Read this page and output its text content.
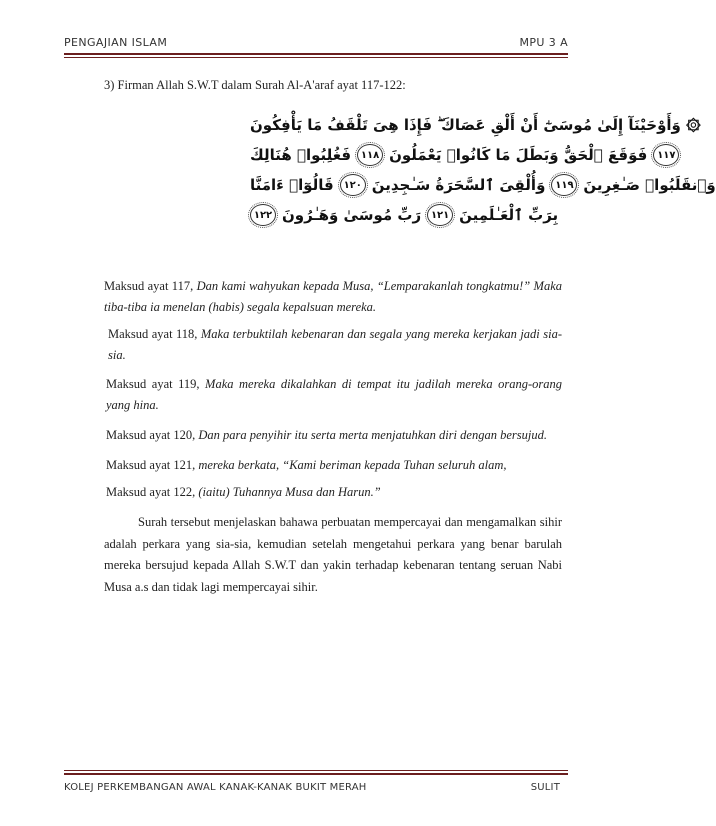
PENGAJIAN ISLAM	MPU 3 A
3) Firman Allah S.W.T dalam Surah Al-A'araf ayat 117-122:
۞ وَأَوْحَيْنَآ إِلَىٰ مُوسَىٰٓ أَنْ أَلْقِ عَصَاكَ ۖ فَإِذَا هِىَ تَلْقَفُ مَا يَأْفِكُونَ
١١٧
فَوَقَعَ ٱلْحَقُّ وَبَطَلَ مَا كَانُوا۟ يَعْمَلُونَ
١١٨
فَغُلِبُوا۟ هُنَالِكَ
وَٱنقَلَبُوا۟ صَـٰغِرِينَ
١١٩
وَأُلْقِىَ ٱلسَّحَرَةُ سَـٰجِدِينَ
١٢٠
قَالُوٓا۟ ءَامَنَّا
بِرَبِّ ٱلْعَـٰلَمِينَ
١٢١
رَبِّ مُوسَىٰ وَهَـٰرُونَ
١٢٢
Maksud ayat 117, Dan kami wahyukan kepada Musa, “Lemparakanlah tongkatmu!” Maka tiba-tiba ia menelan (habis) segala kepalsuan mereka.
Maksud ayat 118, Maka terbuktilah kebenaran dan segala yang mereka kerjakan jadi sia-sia.
Maksud ayat 119, Maka mereka dikalahkan di tempat itu jadilah mereka orang-orang yang hina.
Maksud ayat 120, Dan para penyihir itu serta merta menjatuhkan diri dengan bersujud.
Maksud ayat 121, mereka berkata, “Kami beriman kepada Tuhan seluruh alam,
Maksud ayat 122, (iaitu) Tuhannya Musa dan Harun.”
Surah tersebut menjelaskan bahawa perbuatan mempercayai dan mengamalkan sihir adalah perkara yang sia-sia, kemudian setelah mengetahui perkara yang benar barulah mereka bersujud kepada Allah S.W.T dan yakin terhadap kebenaran tentang seruan Nabi Musa a.s dan tidak lagi mempercayai sihir.
KOLEJ PERKEMBANGAN AWAL KANAK-KANAK BUKIT MERAH	SULIT
